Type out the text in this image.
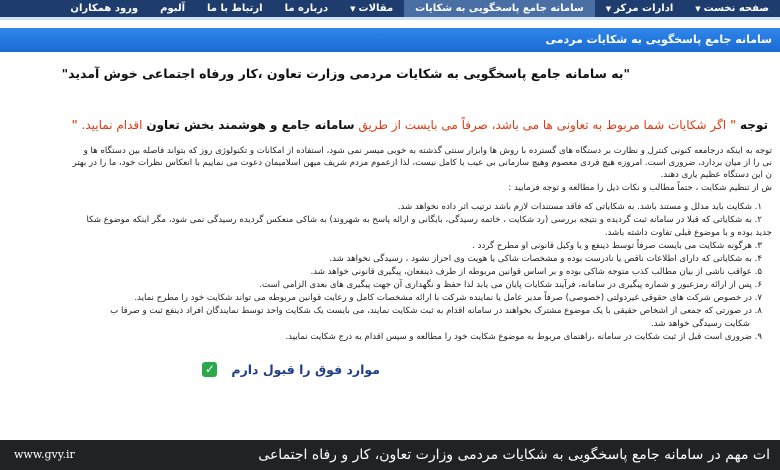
صفحه نخست▼
ادارات مرکز▼
سامانه جامع پاسخگویی به شکایات
مقالات▼
درباره ما
ارتباط با ما
آلبوم
ورود همکاران
سامانه جامع پاسخگویی به شکایات مردمی
"به سامانه جامع پاسخگویی به شکایات مردمی وزارت تعاون ،کار ورفاه اجتماعی خوش آمدید"
توجه " اگر شکایات شما مربوط به تعاونی ها می باشد، صرفاً می بایست از طریق سامانه جامع و هوشمند بخش تعاون اقدام نمایید. "
توجه به اینکه درجامعه کنونی کنترل و نظارت بر دستگاه های گسترده با روش ها وابزار سنتی گذشته به خوبی میسر نمی شود، استفاده از امکانات و تکنولوژی روز که بتواند فاصله بین دستگاه ها و
نی را از میان بردارد، ضروری است. امروزه هیچ فردی معصوم وهیچ سازمانی بی عیب یا کامل نیست، لذا ازعموم مردم شریف میهن اسلامیمان دعوت می نماییم با انعکاس نظرات خود، ما را در بهتر
ن این دستگاه عظیم یاری دهند.
ش از تنظیم شکایت ، حتماً مطالب و نکات ذیل را مطالعه و توجه فرمایید :
۱. شکایت باید مدلل و مستند باشد. به شکایاتی که فاقد مستندات لازم باشد ترتیب اثر داده نخواهد شد.
۲. به شکایاتی که قبلا در سامانه ثبت گردیده و نتیجه بررسی (رد شکایت ، خاتمه رسیدگی، بایگانی و ارائه پاسخ به شهروند) به شاکی منعکس گردیده رسیدگی نمی شود، مگر اینکه موضوع شکا
جدید بوده و با موضوع قبلی تفاوت داشته باشد.
۳. هرگونه شکایت می بایست صرفاً توسط ذینفع و یا وکیل قانونی او مطرح گردد .
۴. به شکایاتی که دارای اطلاعات ناقص یا نادرست بوده و مشخصات شاکی یا هویت وی احراز نشود ، رسیدگی نخواهد شد.
۵. عواقب ناشی از بیان مطالب کذب متوجه شاکی بوده و بر اساس قوانین مربوطه از طرف ذینفعان، پیگیری قانونی خواهد شد.
۶. پس از ارائه رمزعبور و شماره پیگیری در سامانه، فرآیند شکایات پایان می یابد لذا حفظ و نگهداری آن جهت پیگیری های بعدی الزامی است.
۷. در خصوص شرکت های حقوقی غیردولتی (خصوصی) صرفاً مدیر عامل یا نماینده شرکت با ارائه مشخصات کامل و رعایت قوانین مربوطه می تواند شکایت خود را مطرح نماید.
۸. در صورتی که جمعی از اشخاص حقیقی با یک موضوع مشترک بخواهند در سامانه اقدام به ثبت شکایت نمایند، می بایست یک شکایت واحد توسط نمایندگان افراد ذینفع ثبت و صرفا ب
شکایت رسیدگی خواهد شد.
۹. ضروری است قبل از ثبت شکایت در سامانه ،راهنمای مربوط به موضوع شکایت خود را مطالعه و سپس اقدام به درج شکایت نمایید.
موارد فوق را قبول دارم
✓
ات مهم در سامانه جامع پاسخگویی به شکایات مردمی وزارت تعاون، کار و رفاه اجتماعی
www.gvy.ir
